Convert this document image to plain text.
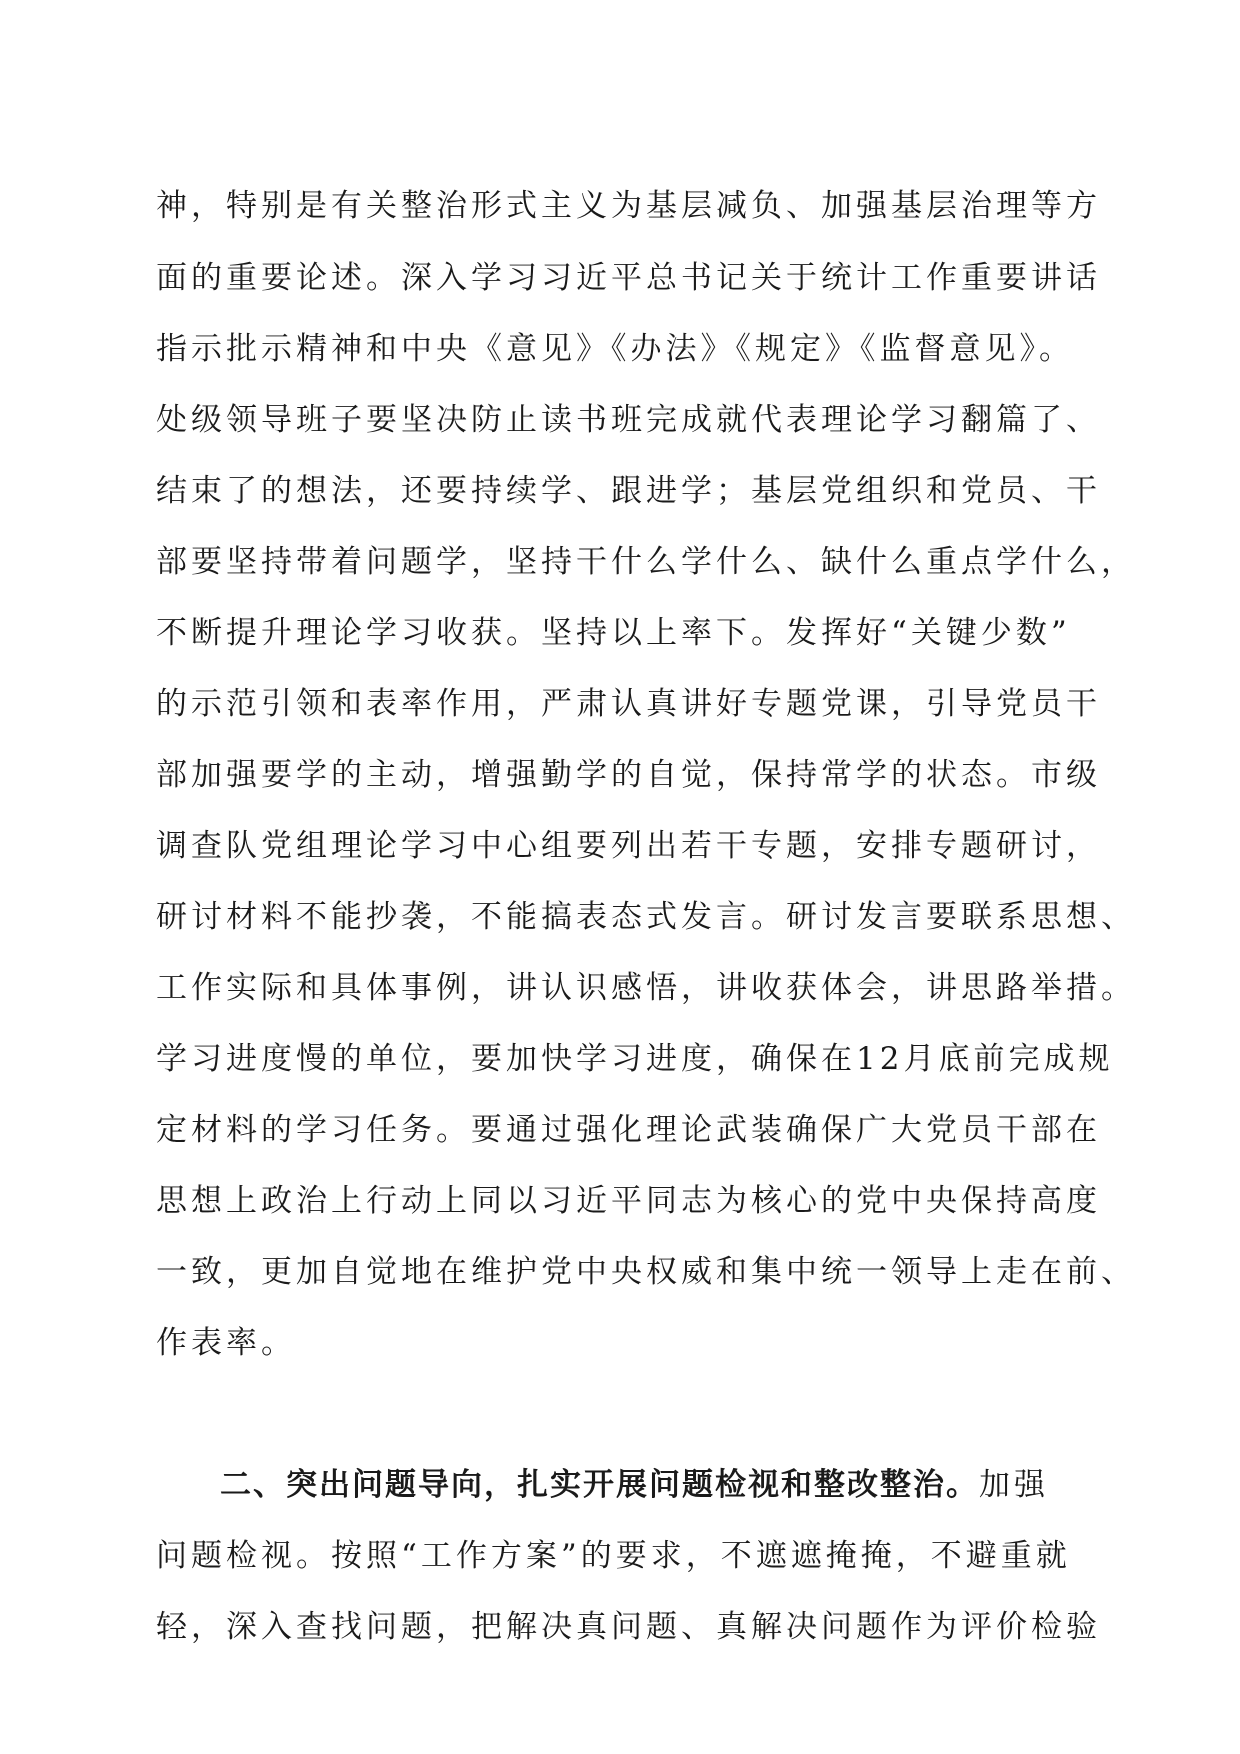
神，特别是有关整治形式主义为基层减负、加强基层治理等方
面的重要论述。深入学习习近平总书记关于统计工作重要讲话
指示批示精神和中央《意见》《办法》《规定》《监督意见》。
处级领导班子要坚决防止读书班完成就代表理论学习翻篇了、
结束了的想法，还要持续学、跟进学；基层党组织和党员、干
部要坚持带着问题学，坚持干什么学什么、缺什么重点学什么，
不断提升理论学习收获。坚持以上率下。发挥好“关键少数”
的示范引领和表率作用，严肃认真讲好专题党课，引导党员干
部加强要学的主动，增强勤学的自觉，保持常学的状态。市级
调查队党组理论学习中心组要列出若干专题，安排专题研讨，
研讨材料不能抄袭，不能搞表态式发言。研讨发言要联系思想、
工作实际和具体事例，讲认识感悟，讲收获体会，讲思路举措。
学习进度慢的单位，要加快学习进度，确保在12月底前完成规
定材料的学习任务。要通过强化理论武装确保广大党员干部在
思想上政治上行动上同以习近平同志为核心的党中央保持高度
一致，更加自觉地在维护党中央权威和集中统一领导上走在前、
作表率。
二、突出问题导向，扎实开展问题检视和整改整治。加强
问题检视。按照“工作方案”的要求，不遮遮掩掩，不避重就
轻，深入查找问题，把解决真问题、真解决问题作为评价检验
